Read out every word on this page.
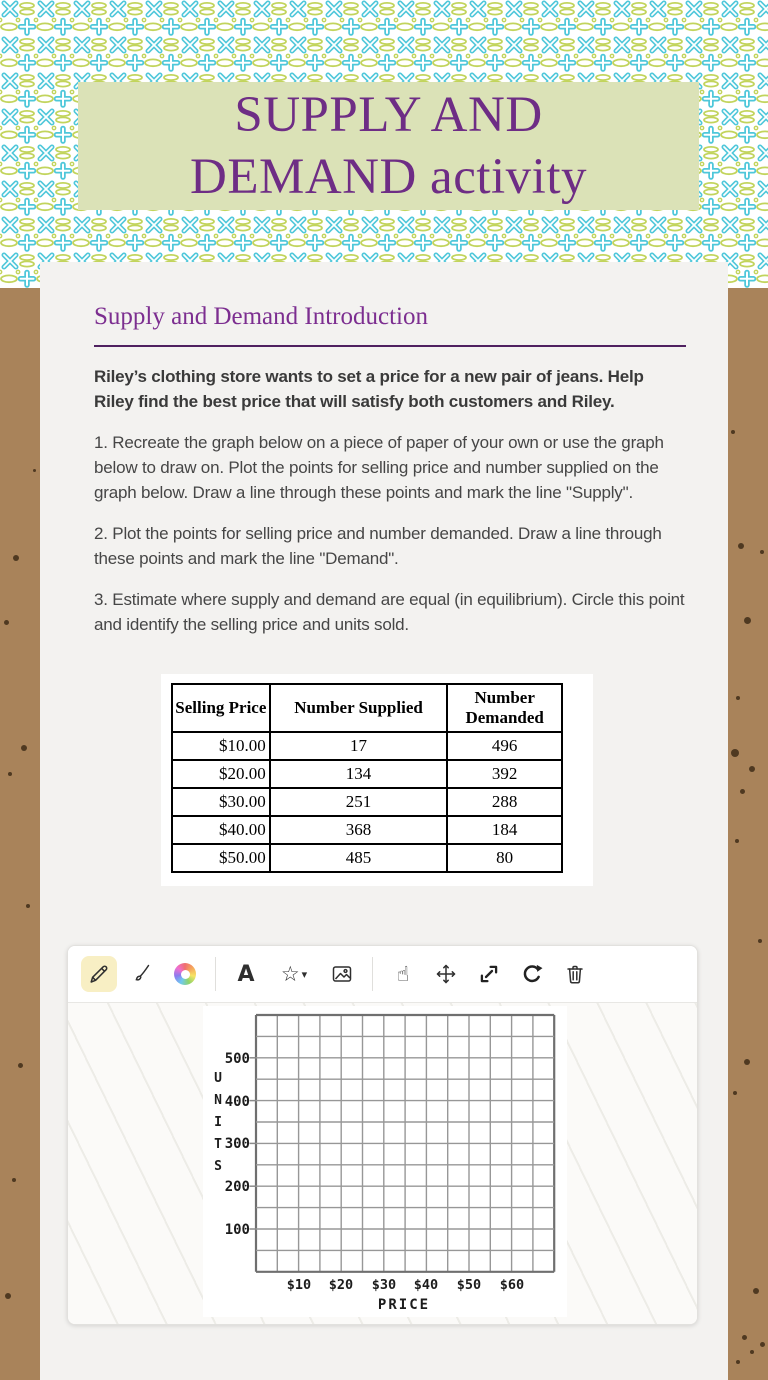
SUPPLY AND
DEMAND activity
Supply and Demand Introduction

Riley’s clothing store wants to set a price for a new pair of jeans. Help Riley find the best price that will satisfy both customers and Riley.

1. Recreate the graph below on a piece of paper of your own or use the graph below to draw on. Plot the points for selling price and number supplied on the graph below. Draw a line through these points and mark the line "Supply".

2. Plot the points for selling price and number demanded. Draw a line through these points and mark the line "Demand".

3. Estimate where supply and demand are equal (in equilibrium). Circle this point and identify the selling price and units sold.

Selling Price	Number Supplied	Number Demanded
$10.00	17	496
$20.00	134	392
$30.00	251	288
$40.00	368	184
$50.00	485	80
A ☆ ▾	☝
500
400
300
200
100
U
N
I
T
S
$10 $20 $30 $40 $50 $60
PRICE
